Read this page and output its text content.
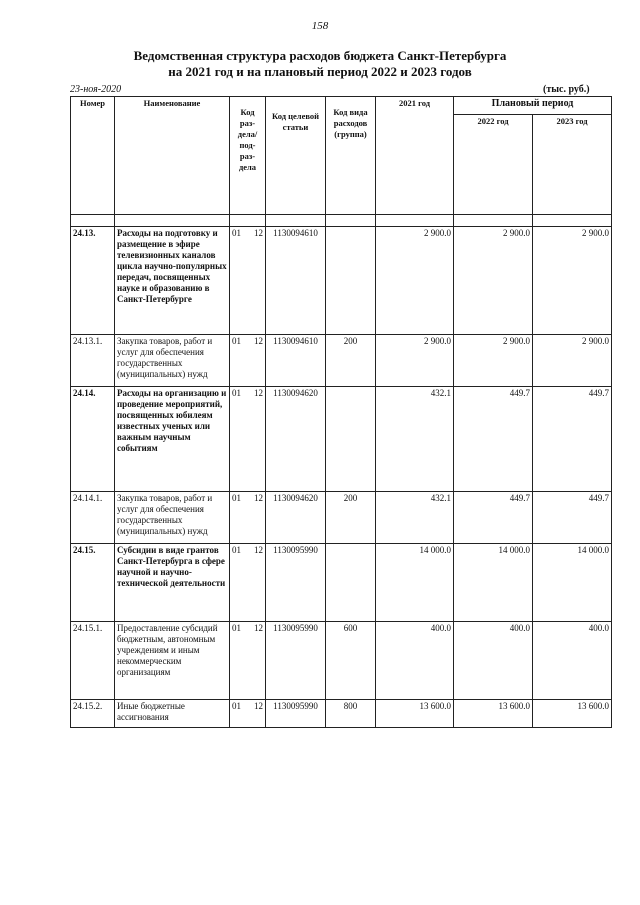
158
Ведомственная структура расходов бюджета Санкт-Петербурга
на 2021 год и на плановый период 2022 и 2023 годов
23-ноя-2020	(тыс. руб.)
Номер	Наименование	Код раз- дела/ под- раз- дела	Код целевой статьи	Код вида расходов (группа)	2021 год	Плановый период	
						2022 год	2023 год

24.13.	Расходы на подготовку и размещение в эфире телевизионных каналов цикла научно-популярных передач, посвященных науке и образованию в Санкт-Петербурге	01 12	1130094610		2 900.0	2 900.0	2 900.0
24.13.1.	Закупка товаров, работ и услуг для обеспечения государственных (муниципальных) нужд	01 12	1130094610	200	2 900.0	2 900.0	2 900.0
24.14.	Расходы на организацию и проведение мероприятий, посвященных юбилеям известных ученых или важным научным событиям	01 12	1130094620		432.1	449.7	449.7
24.14.1.	Закупка товаров, работ и услуг для обеспечения государственных (муниципальных) нужд	01 12	1130094620	200	432.1	449.7	449.7
24.15.	Субсидии в виде грантов Санкт-Петербурга в сфере научной и научно-технической деятельности	01 12	1130095990		14 000.0	14 000.0	14 000.0
24.15.1.	Предоставление субсидий бюджетным, автономным учреждениям и иным некоммерческим организациям	01 12	1130095990	600	400.0	400.0	400.0
24.15.2.	Иные бюджетные ассигнования	01 12	1130095990	800	13 600.0	13 600.0	13 600.0
